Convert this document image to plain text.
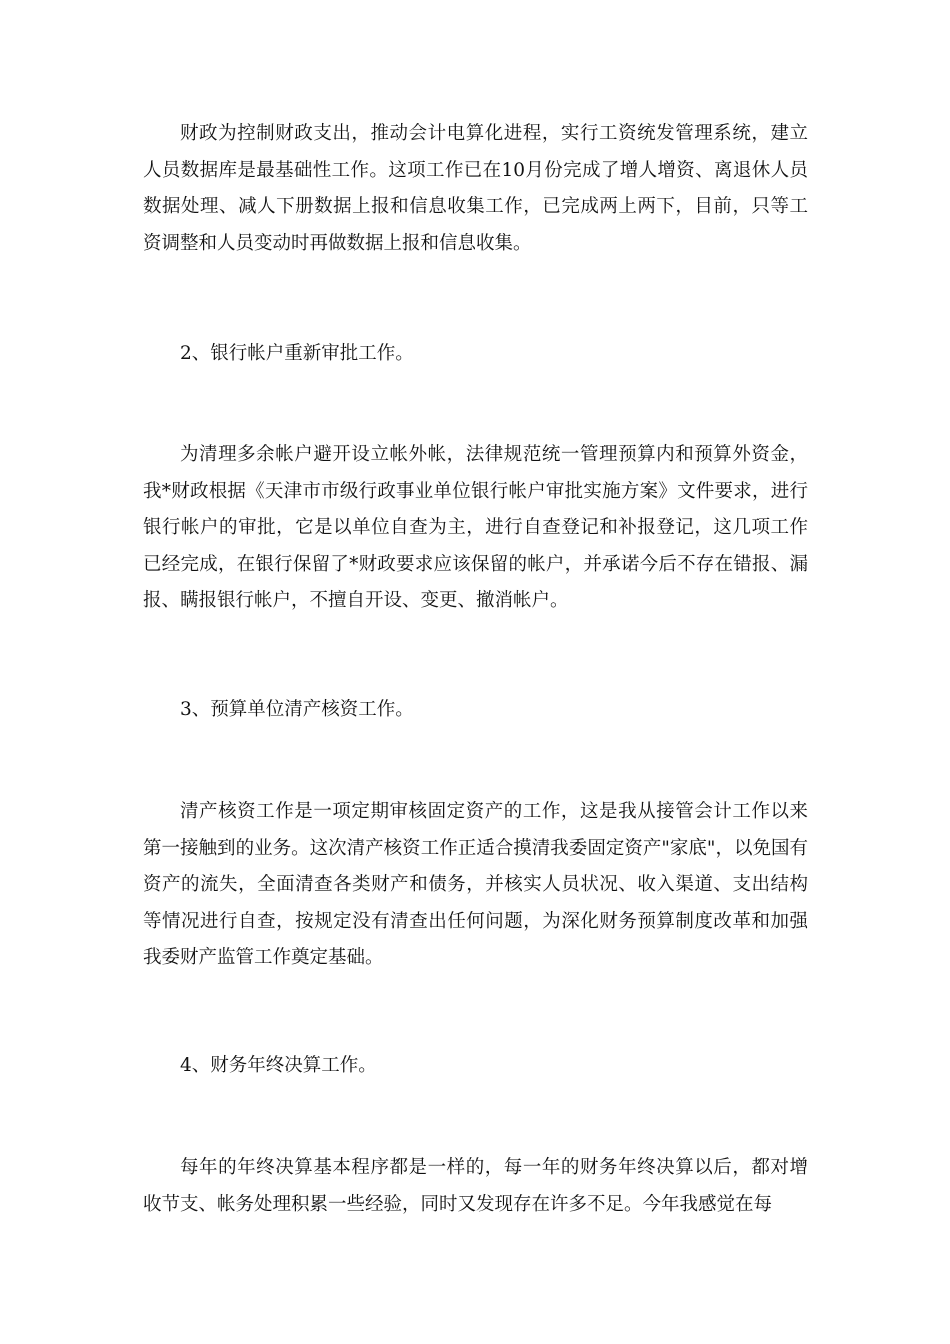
财政为控制财政支出，推动会计电算化进程，实行工资统发管理系统，建立人员数据库是最基础性工作。这项工作已在10月份完成了增人增资、离退休人员数据处理、减人下册数据上报和信息收集工作，已完成两上两下，目前，只等工资调整和人员变动时再做数据上报和信息收集。

2、银行帐户重新审批工作。

为清理多余帐户避开设立帐外帐，法律规范统一管理预算内和预算外资金，我*财政根据《天津市市级行政事业单位银行帐户审批实施方案》文件要求，进行银行帐户的审批，它是以单位自查为主，进行自查登记和补报登记，这几项工作已经完成，在银行保留了*财政要求应该保留的帐户，并承诺今后不存在错报、漏报、瞒报银行帐户，不擅自开设、变更、撤消帐户。

3、预算单位清产核资工作。

清产核资工作是一项定期审核固定资产的工作，这是我从接管会计工作以来第一接触到的业务。这次清产核资工作正适合摸清我委固定资产"家底"，以免国有资产的流失，全面清查各类财产和债务，并核实人员状况、收入渠道、支出结构等情况进行自查，按规定没有清查出任何问题，为深化财务预算制度改革和加强我委财产监管工作奠定基础。

4、财务年终决算工作。

每年的年终决算基本程序都是一样的，每一年的财务年终决算以后，都对增收节支、帐务处理积累一些经验，同时又发现存在许多不足。今年我感觉在每
